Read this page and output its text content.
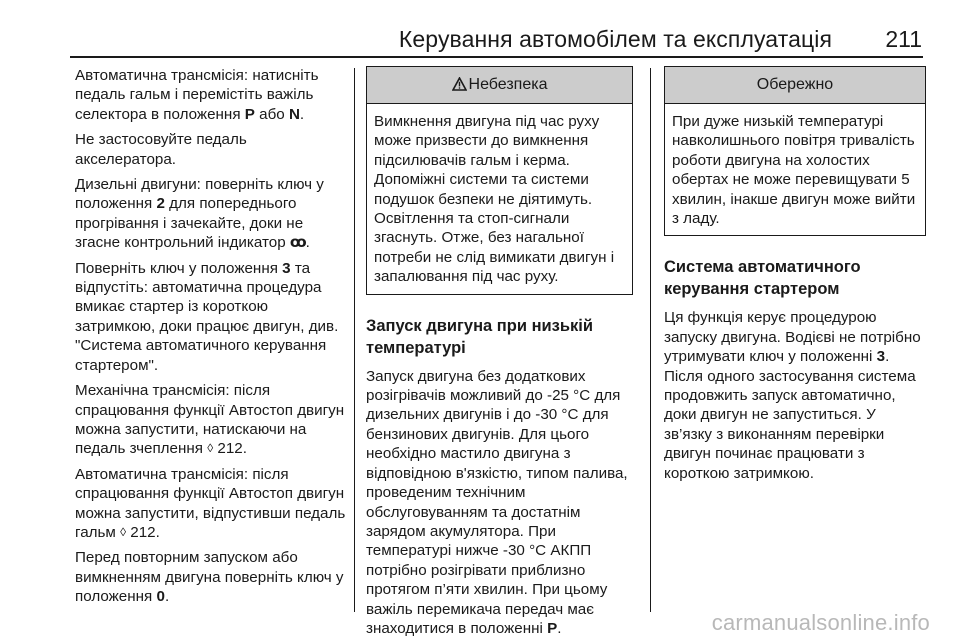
Керування автомобілем та експлуатація 211

Автоматична трансмісія: натисніть педаль гальм і перемістіть важіль селектора в положення P або N.

Не застосовуйте педаль акселератора.

Дизельні двигуни: поверніть ключ у положення 2 для попереднього прогрівання і зачекайте, доки не згасне контрольний індикатор ꝏ.

Поверніть ключ у положення 3 та відпустіть: автоматична процедура вмикає стартер із короткою затримкою, доки працює двигун, див. "Система автоматичного керування стартером".

Механічна трансмісія: після спрацювання функції Автостоп двигун можна запустити, натискаючи на педаль зчеплення ◊ 212.

Автоматична трансмісія: після спрацювання функції Автостоп двигун можна запустити, відпустивши педаль гальм ◊ 212.

Перед повторним запуском або вимкненням двигуна поверніть ключ у положення 0.

Небезпека
Вимкнення двигуна під час руху може призвести до вимкнення підсилювачів гальм і керма. Допоміжні системи та системи подушок безпеки не діятимуть. Освітлення та стоп-сигнали згаснуть. Отже, без нагальної потреби не слід вимикати двигун і запалювання під час руху.
Запуск двигуна при низькій температурі

Запуск двигуна без додаткових розігрівачів можливий до -25 °C для дизельних двигунів і до -30 °C для бензинових двигунів. Для цього необхідно мастило двигуна з відповідною в'язкістю, типом палива, проведеним технічним обслуговуванням та достатнім зарядом акумулятора. При температурі нижче -30 °C АКПП потрібно розігрівати приблизно протягом п’яти хвилин. При цьому важіль перемикача передач має знаходитися в положенні P.

Обережно
При дуже низькій температурі навколишнього повітря тривалість роботи двигуна на холостих обертах не може перевищувати 5 хвилин, інакше двигун може вийти з ладу.
Система автоматичного керування стартером

Ця функція керує процедурою запуску двигуна. Водієві не потрібно утримувати ключ у положенні 3. Після одного застосування система продовжить запуск автоматично, доки двигун не запуститься. У зв’язку з виконанням перевірки двигун починає працювати з короткою затримкою.

carmanualsonline.info
